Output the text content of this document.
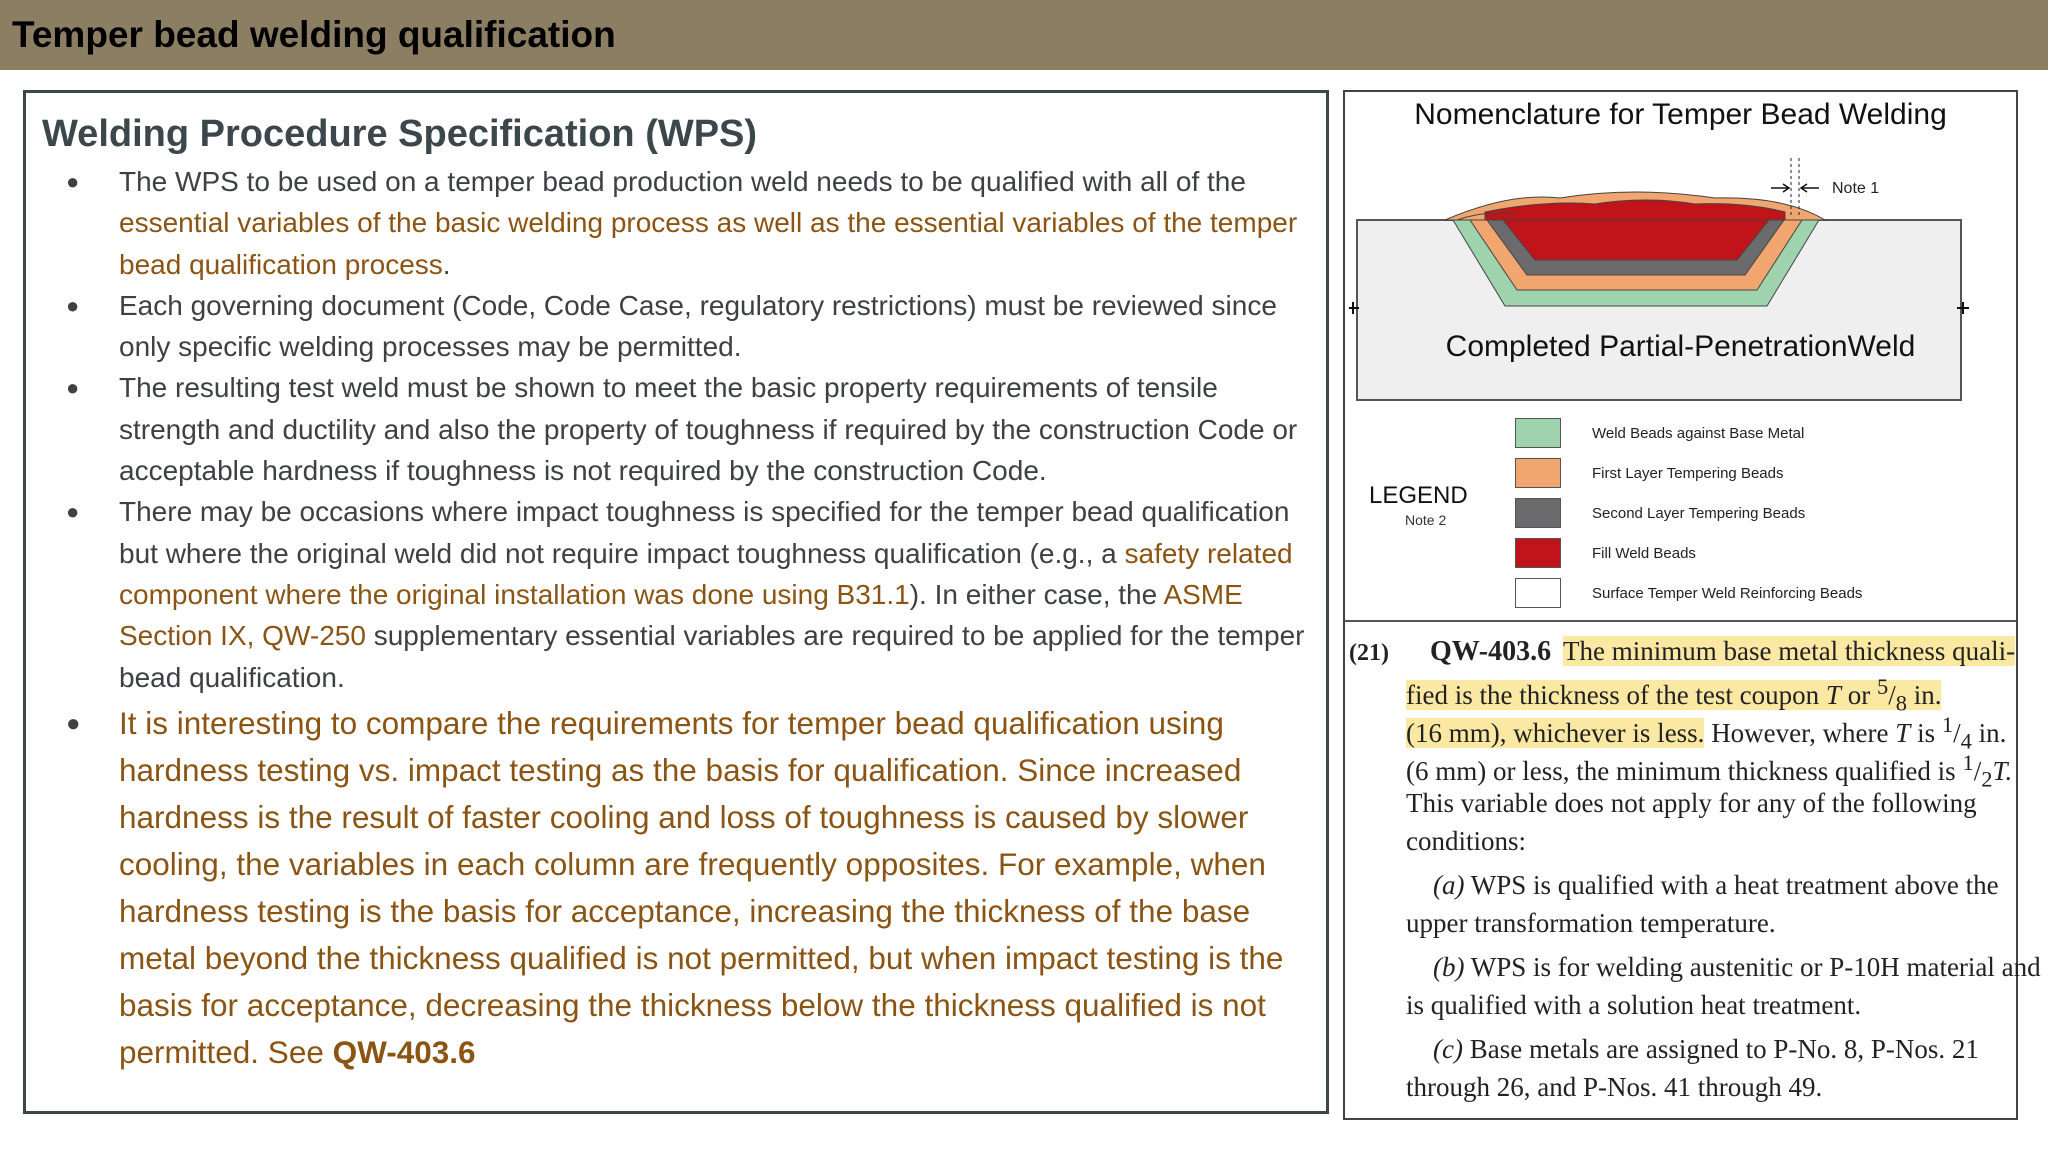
Temper bead welding qualification
Welding Procedure Specification (WPS)
● The WPS to be used on a temper bead production weld needs to be qualified with all of the essential variables of the basic welding process as well as the essential variables of the temper bead qualification process.
● Each governing document (Code, Code Case, regulatory restrictions) must be reviewed since only specific welding processes may be permitted.
● The resulting test weld must be shown to meet the basic property requirements of tensile strength and ductility and also the property of toughness if required by the construction Code or acceptable hardness if toughness is not required by the construction Code.
● There may be occasions where impact toughness is specified for the temper bead qualification but where the original weld did not require impact toughness qualification (e.g., a safety related component where the original installation was done using B31.1). In either case, the ASME Section IX, QW-250 supplementary essential variables are required to be applied for the temper bead qualification.
● It is interesting to compare the requirements for temper bead qualification using hardness testing vs. impact testing as the basis for qualification. Since increased hardness is the result of faster cooling and loss of toughness is caused by slower cooling, the variables in each column are frequently opposites. For example, when hardness testing is the basis for acceptance, increasing the thickness of the base metal beyond the thickness qualified is not permitted, but when impact testing is the basis for acceptance, decreasing the thickness below the thickness qualified is not permitted. See QW-403.6
Nomenclature for Temper Bead Welding
Note 1
Completed Partial-PenetrationWeld
LEGEND
Note 2
Weld Beads against Base Metal
First Layer Tempering Beads
Second Layer Tempering Beads
Fill Weld Beads
Surface Temper Weld Reinforcing Beads
(21) QW-403.6 The minimum base metal thickness quali-
fied is the thickness of the test coupon T or $^5/_8$ in.
(16 mm), whichever is less. However, where T is $^1/_4$ in.
(6 mm) or less, the minimum thickness qualified is $^1/_2T$.
This variable does not apply for any of the following
conditions:
(a) WPS is qualified with a heat treatment above the
upper transformation temperature.
(b) WPS is for welding austenitic or P-10H material and
is qualified with a solution heat treatment.
(c) Base metals are assigned to P-No. 8, P-Nos. 21
through 26, and P-Nos. 41 through 49.
